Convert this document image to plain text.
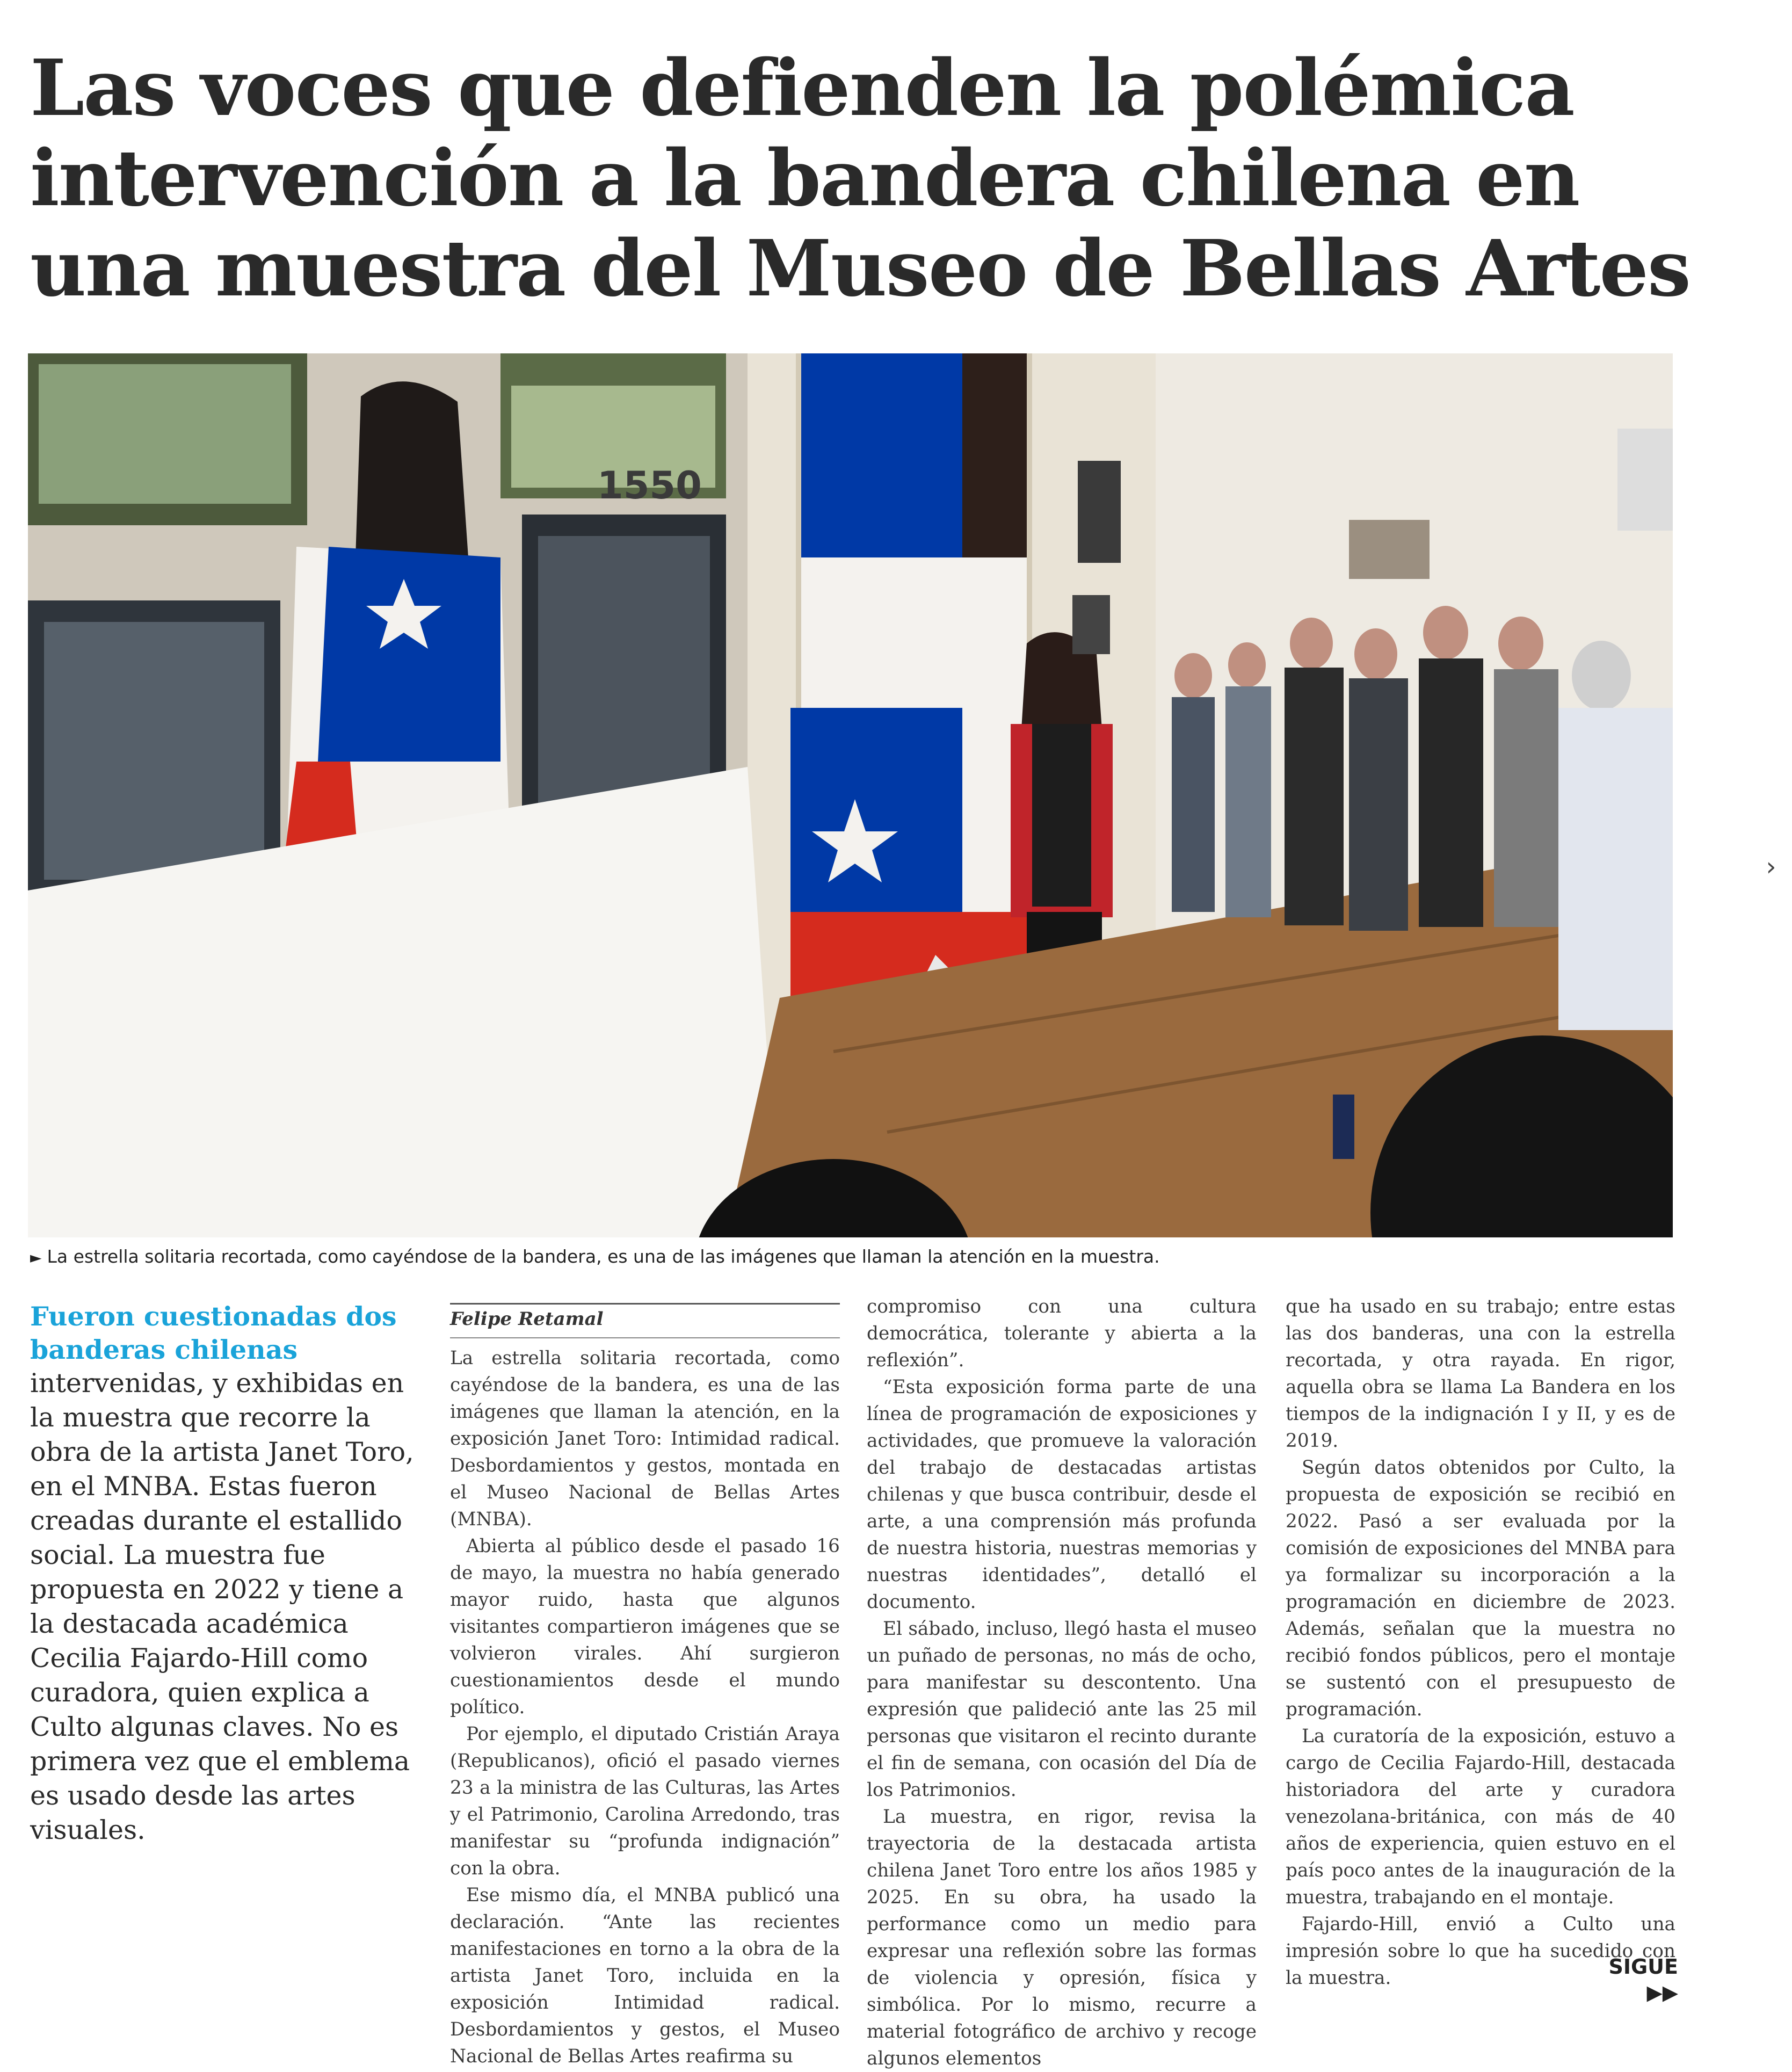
Las voces que defienden la polémica
intervención a la bandera chilena en
una muestra del Museo de Bellas Artes
1550
► La estrella solitaria recortada, como cayéndose de la bandera, es una de las imágenes que llaman la atención en la muestra.
›

Fueron cuestionadas dos banderas chilenas

intervenidas, y exhibidas en la muestra que recorre la obra de la artista Janet Toro, en el MNBA. Estas fueron creadas durante el estallido social. La muestra fue propuesta en 2022 y tiene a la destacada académica Cecilia Fajardo-Hill como curadora, quien explica a Culto algunas claves. No es primera vez que el emblema es usado desde las artes visuales.

Felipe Retamal

La estrella solitaria recortada, como cayéndose de la bandera, es una de las imágenes que llaman la atención, en la exposición Janet Toro: Intimidad radical. Desbordamientos y gestos, montada en el Museo Nacional de Bellas Artes (MNBA).

Abierta al público desde el pasado 16 de mayo, la muestra no había generado mayor ruido, hasta que algunos visitantes compartieron imágenes que se volvieron virales. Ahí surgieron cuestionamientos desde el mundo político.

Por ejemplo, el diputado Cristián Araya (Republicanos), ofició el pasado viernes 23 a la ministra de las Culturas, las Artes y el Patrimonio, Carolina Arredondo, tras manifestar su “profunda indignación” con la obra.

Ese mismo día, el MNBA publicó una declaración. “Ante las recientes manifestaciones en torno a la obra de la artista Janet Toro, incluida en la exposición Intimidad radical. Desbordamientos y gestos, el Museo Nacional de Bellas Artes reafirma su

compromiso con una cultura democrática, tolerante y abierta a la reflexión”.

“Esta exposición forma parte de una línea de programación de exposiciones y actividades, que promueve la valoración del trabajo de destacadas artistas chilenas y que busca contribuir, desde el arte, a una comprensión más profunda de nuestra historia, nuestras memorias y nuestras identidades”, detalló el documento.

El sábado, incluso, llegó hasta el museo un puñado de personas, no más de ocho, para manifestar su descontento. Una expresión que palideció ante las 25 mil personas que visitaron el recinto durante el fin de semana, con ocasión del Día de los Patrimonios.

La muestra, en rigor, revisa la trayectoria de la destacada artista chilena Janet Toro entre los años 1985 y 2025. En su obra, ha usado la performance como un medio para expresar una reflexión sobre las formas de violencia y opresión, física y simbólica. Por lo mismo, recurre a material fotográfico de archivo y recoge algunos elementos

que ha usado en su trabajo; entre estas las dos banderas, una con la estrella recortada, y otra rayada. En rigor, aquella obra se llama La Bandera en los tiempos de la indignación I y II, y es de 2019.

Según datos obtenidos por Culto, la propuesta de exposición se recibió en 2022. Pasó a ser evaluada por la comisión de exposiciones del MNBA para ya formalizar su incorporación a la programación en diciembre de 2023. Además, señalan que la muestra no recibió fondos públicos, pero el montaje se sustentó con el presupuesto de programación.

La curatoría de la exposición, estuvo a cargo de Cecilia Fajardo-Hill, destacada historiadora del arte y curadora venezolana-británica, con más de 40 años de experiencia, quien estuvo en el país poco antes de la inauguración de la muestra, trabajando en el montaje.

Fajardo-Hill, envió a Culto una impresión sobre lo que ha sucedido con la muestra.	SIGUE ▶▶
